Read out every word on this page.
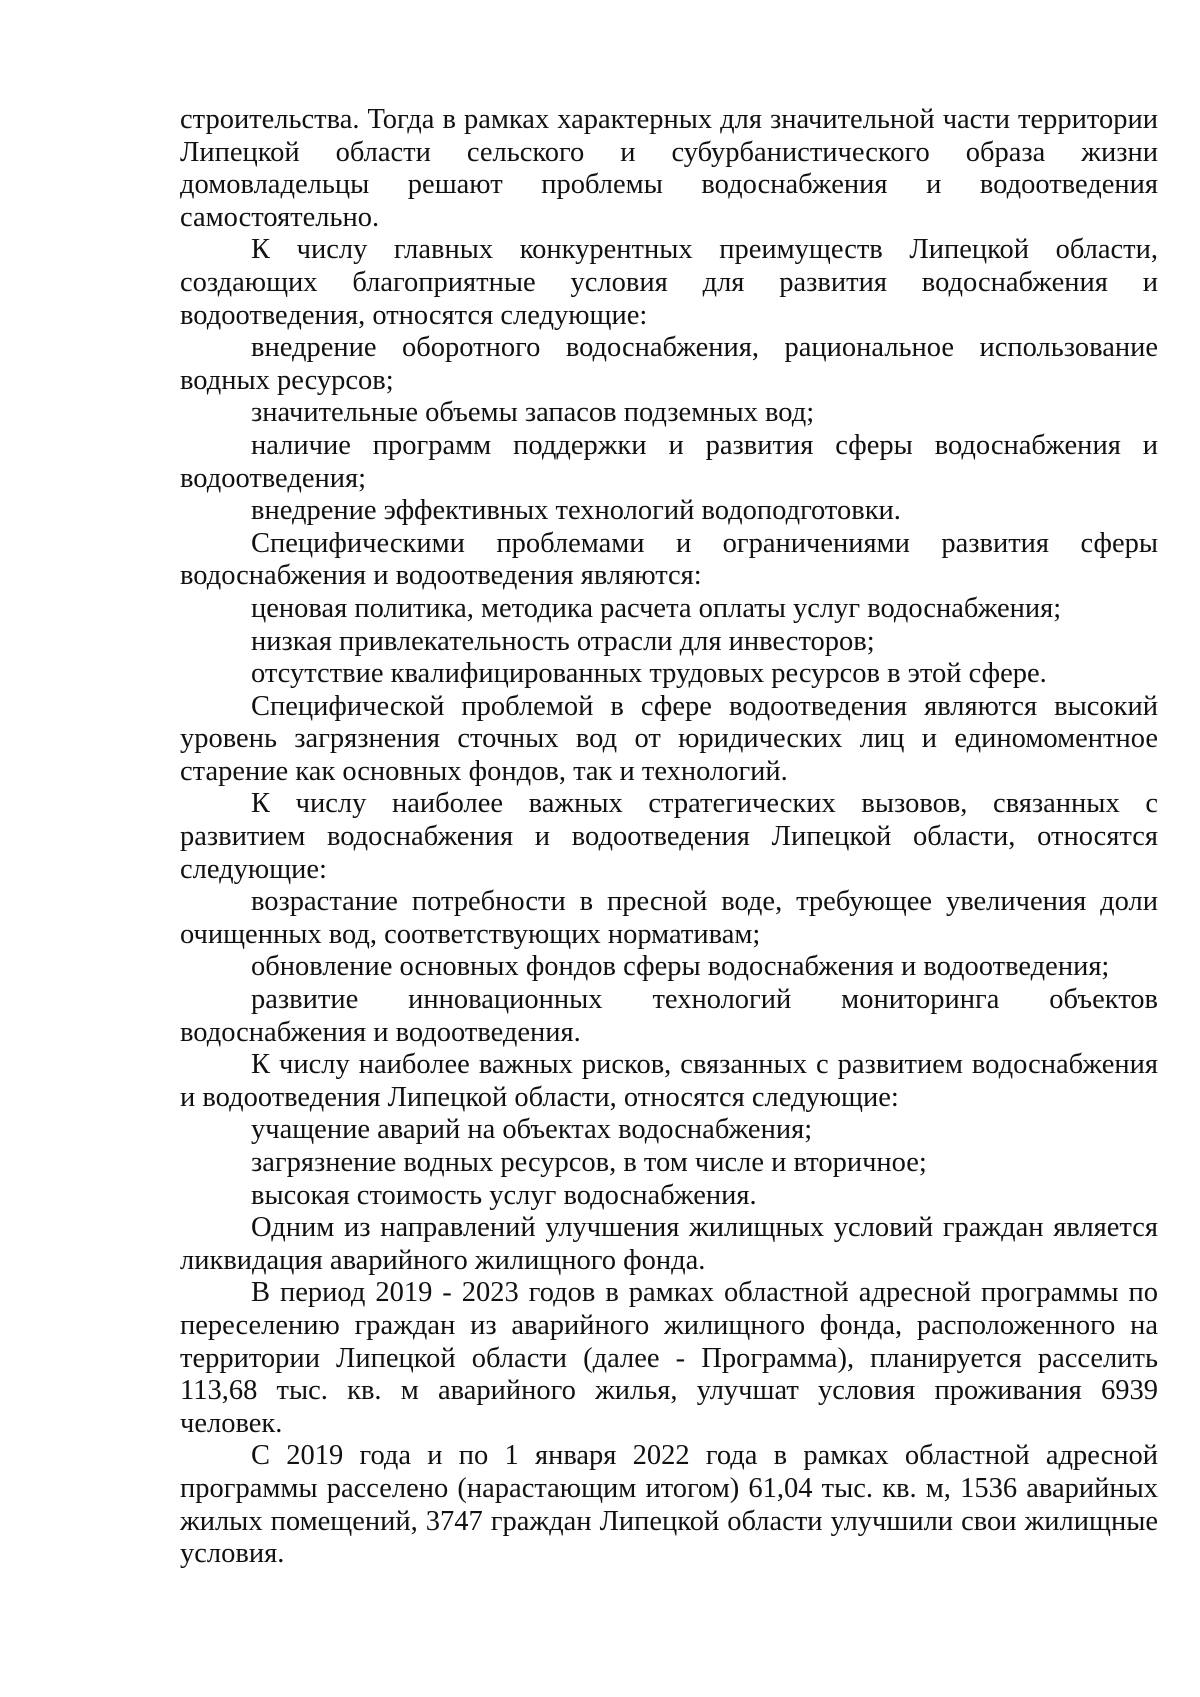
строительства. Тогда в рамках характерных для значительной части территории Липецкой области сельского и субурбанистического образа жизни домовладельцы решают проблемы водоснабжения и водоотведения самостоятельно.

К числу главных конкурентных преимуществ Липецкой области, создающих благоприятные условия для развития водоснабжения и водоотведения, относятся следующие:

внедрение оборотного водоснабжения, рациональное использование водных ресурсов;

значительные объемы запасов подземных вод;

наличие программ поддержки и развития сферы водоснабжения и водоотведения;

внедрение эффективных технологий водоподготовки.

Специфическими проблемами и ограничениями развития сферы водоснабжения и водоотведения являются:

ценовая политика, методика расчета оплаты услуг водоснабжения;

низкая привлекательность отрасли для инвесторов;

отсутствие квалифицированных трудовых ресурсов в этой сфере.

Специфической проблемой в сфере водоотведения являются высокий уровень загрязнения сточных вод от юридических лиц и единомоментное старение как основных фондов, так и технологий.

К числу наиболее важных стратегических вызовов, связанных с развитием водоснабжения и водоотведения Липецкой области, относятся следующие:

возрастание потребности в пресной воде, требующее увеличения доли очищенных вод, соответствующих нормативам;

обновление основных фондов сферы водоснабжения и водоотведения;

развитие инновационных технологий мониторинга объектов водоснабжения и водоотведения.

К числу наиболее важных рисков, связанных с развитием водоснабжения и водоотведения Липецкой области, относятся следующие:

учащение аварий на объектах водоснабжения;

загрязнение водных ресурсов, в том числе и вторичное;

высокая стоимость услуг водоснабжения.

Одним из направлений улучшения жилищных условий граждан является ликвидация аварийного жилищного фонда.

В период 2019 - 2023 годов в рамках областной адресной программы по переселению граждан из аварийного жилищного фонда, расположенного на территории Липецкой области (далее - Программа), планируется расселить 113,68 тыс. кв. м аварийного жилья, улучшат условия проживания 6939 человек.

С 2019 года и по 1 января 2022 года в рамках областной адресной программы расселено (нарастающим итогом) 61,04 тыс. кв. м, 1536 аварийных жилых помещений, 3747 граждан Липецкой области улучшили свои жилищные условия.
